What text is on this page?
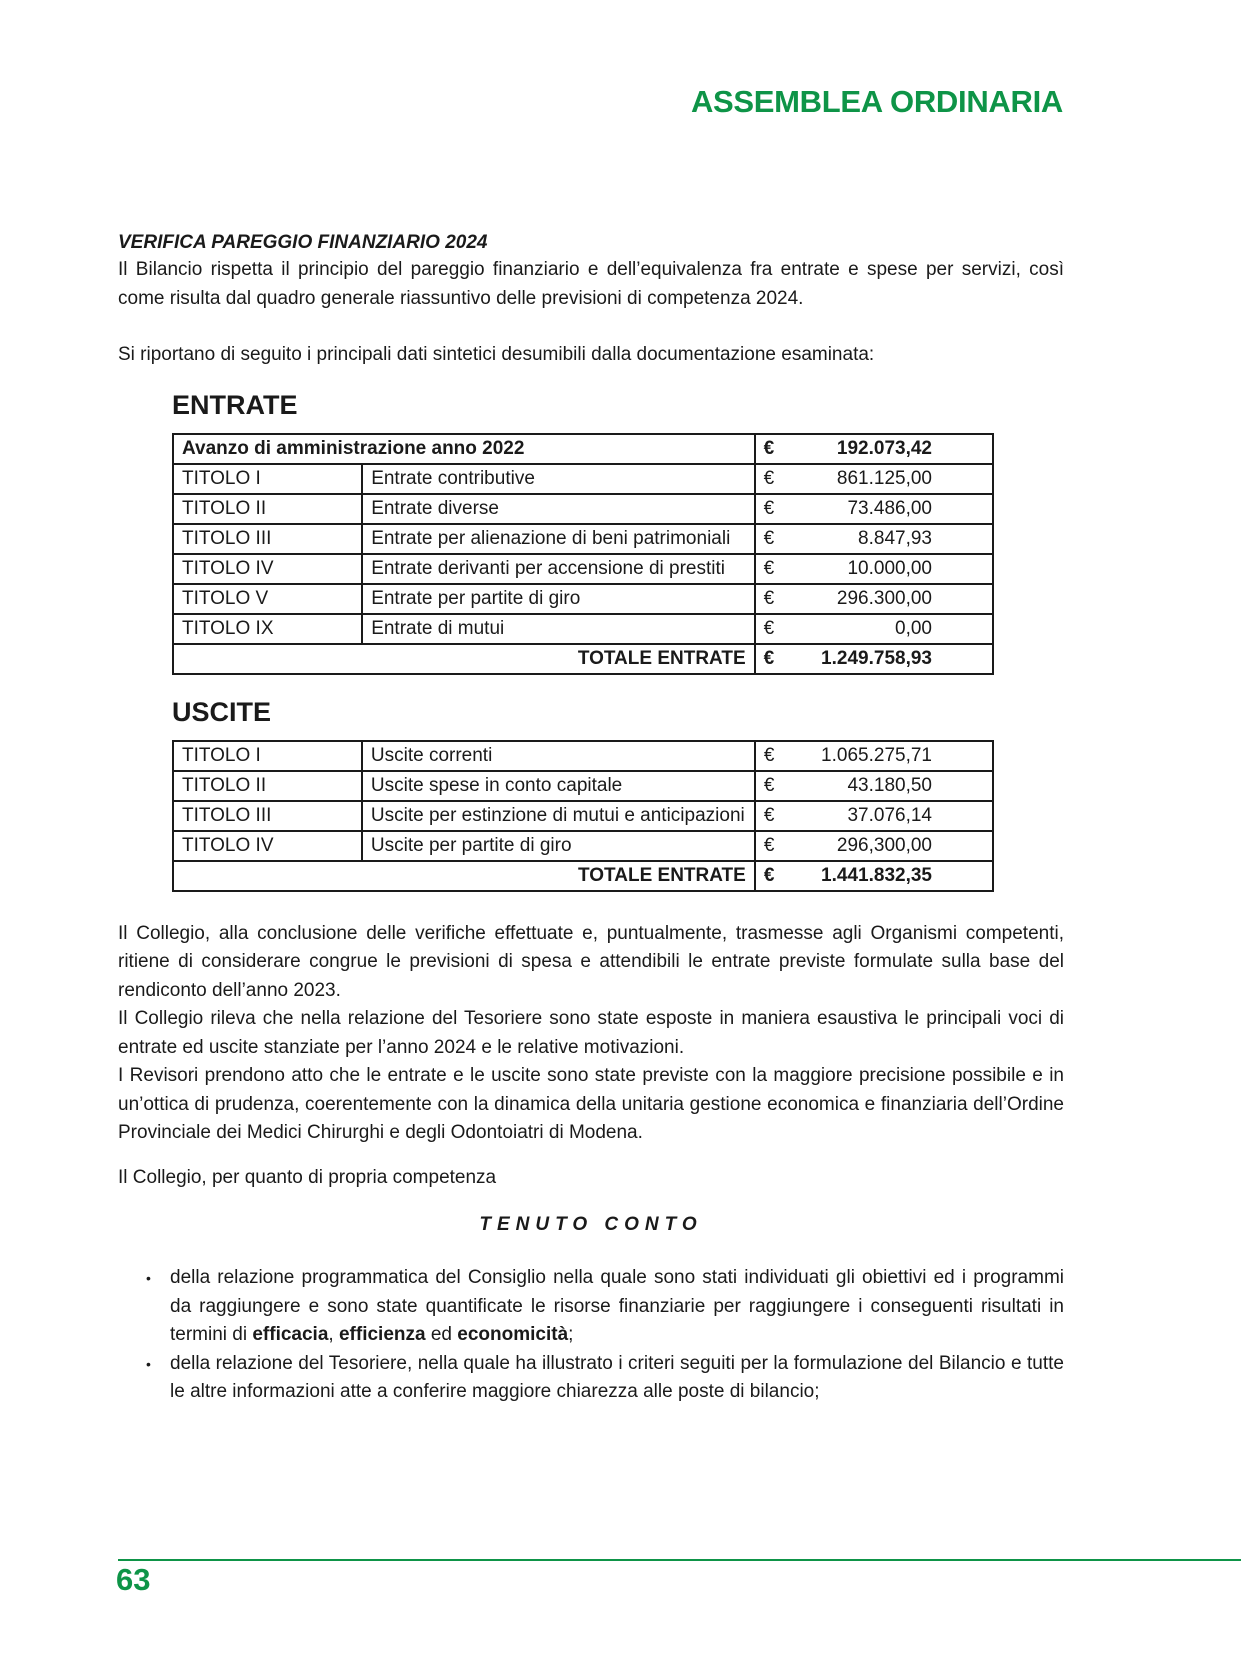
ASSEMBLEA ORDINARIA

VERIFICA PAREGGIO FINANZIARIO 2024

Il Bilancio rispetta il principio del pareggio finanziario e dell’equivalenza fra entrate e spese per servizi, così come risulta dal quadro generale riassuntivo delle previsioni di competenza 2024.

Si riportano di seguito i principali dati sintetici desumibili dalla documentazione esaminata:

ENTRATE

Avanzo di amministrazione anno 2022		€ 192.073,42

TITOLO I	Entrate contributive	€ 861.125,00

TITOLO II	Entrate diverse	€ 73.486,00

TITOLO III	Entrate per alienazione di beni patrimoniali	€ 8.847,93

TITOLO IV	Entrate derivanti per accensione di prestiti	€ 10.000,00

TITOLO V	Entrate per partite di giro	€ 296.300,00

TITOLO IX	Entrate di mutui	€ 0,00

TOTALE ENTRATE		€ 1.249.758,93

USCITE

TITOLO I	Uscite correnti	€ 1.065.275,71

TITOLO II	Uscite spese in conto capitale	€ 43.180,50

TITOLO III	Uscite per estinzione di mutui e anticipazioni	€ 37.076,14

TITOLO IV	Uscite per partite di giro	€ 296,300,00

TOTALE ENTRATE		€ 1.441.832,35

Il Collegio, alla conclusione delle verifiche effettuate e, puntualmente, trasmesse agli Organismi competenti, ritiene di considerare congrue le previsioni di spesa e attendibili le entrate previste formulate sulla base del rendiconto dell’anno 2023.

Il Collegio rileva che nella relazione del Tesoriere sono state esposte in maniera esaustiva le principali voci di entrate ed uscite stanziate per l’anno 2024 e le relative motivazioni.

I Revisori prendono atto che le entrate e le uscite sono state previste con la maggiore precisione possibile e in un’ottica di prudenza, coerentemente con la dinamica della unitaria gestione economica e finanziaria dell’Ordine Provinciale dei Medici Chirurghi e degli Odontoiatri di Modena.

Il Collegio, per quanto di propria competenza

TENUTO CONTO
• della relazione programmatica del Consiglio nella quale sono stati individuati gli obiettivi ed i programmi da raggiungere e sono state quantificate le risorse finanziarie per raggiungere i conseguenti risultati in termini di efficacia, efficienza ed economicità;
• della relazione del Tesoriere, nella quale ha illustrato i criteri seguiti per la formulazione del Bilancio e tutte le altre informazioni atte a conferire maggiore chiarezza alle poste di bilancio;
63
